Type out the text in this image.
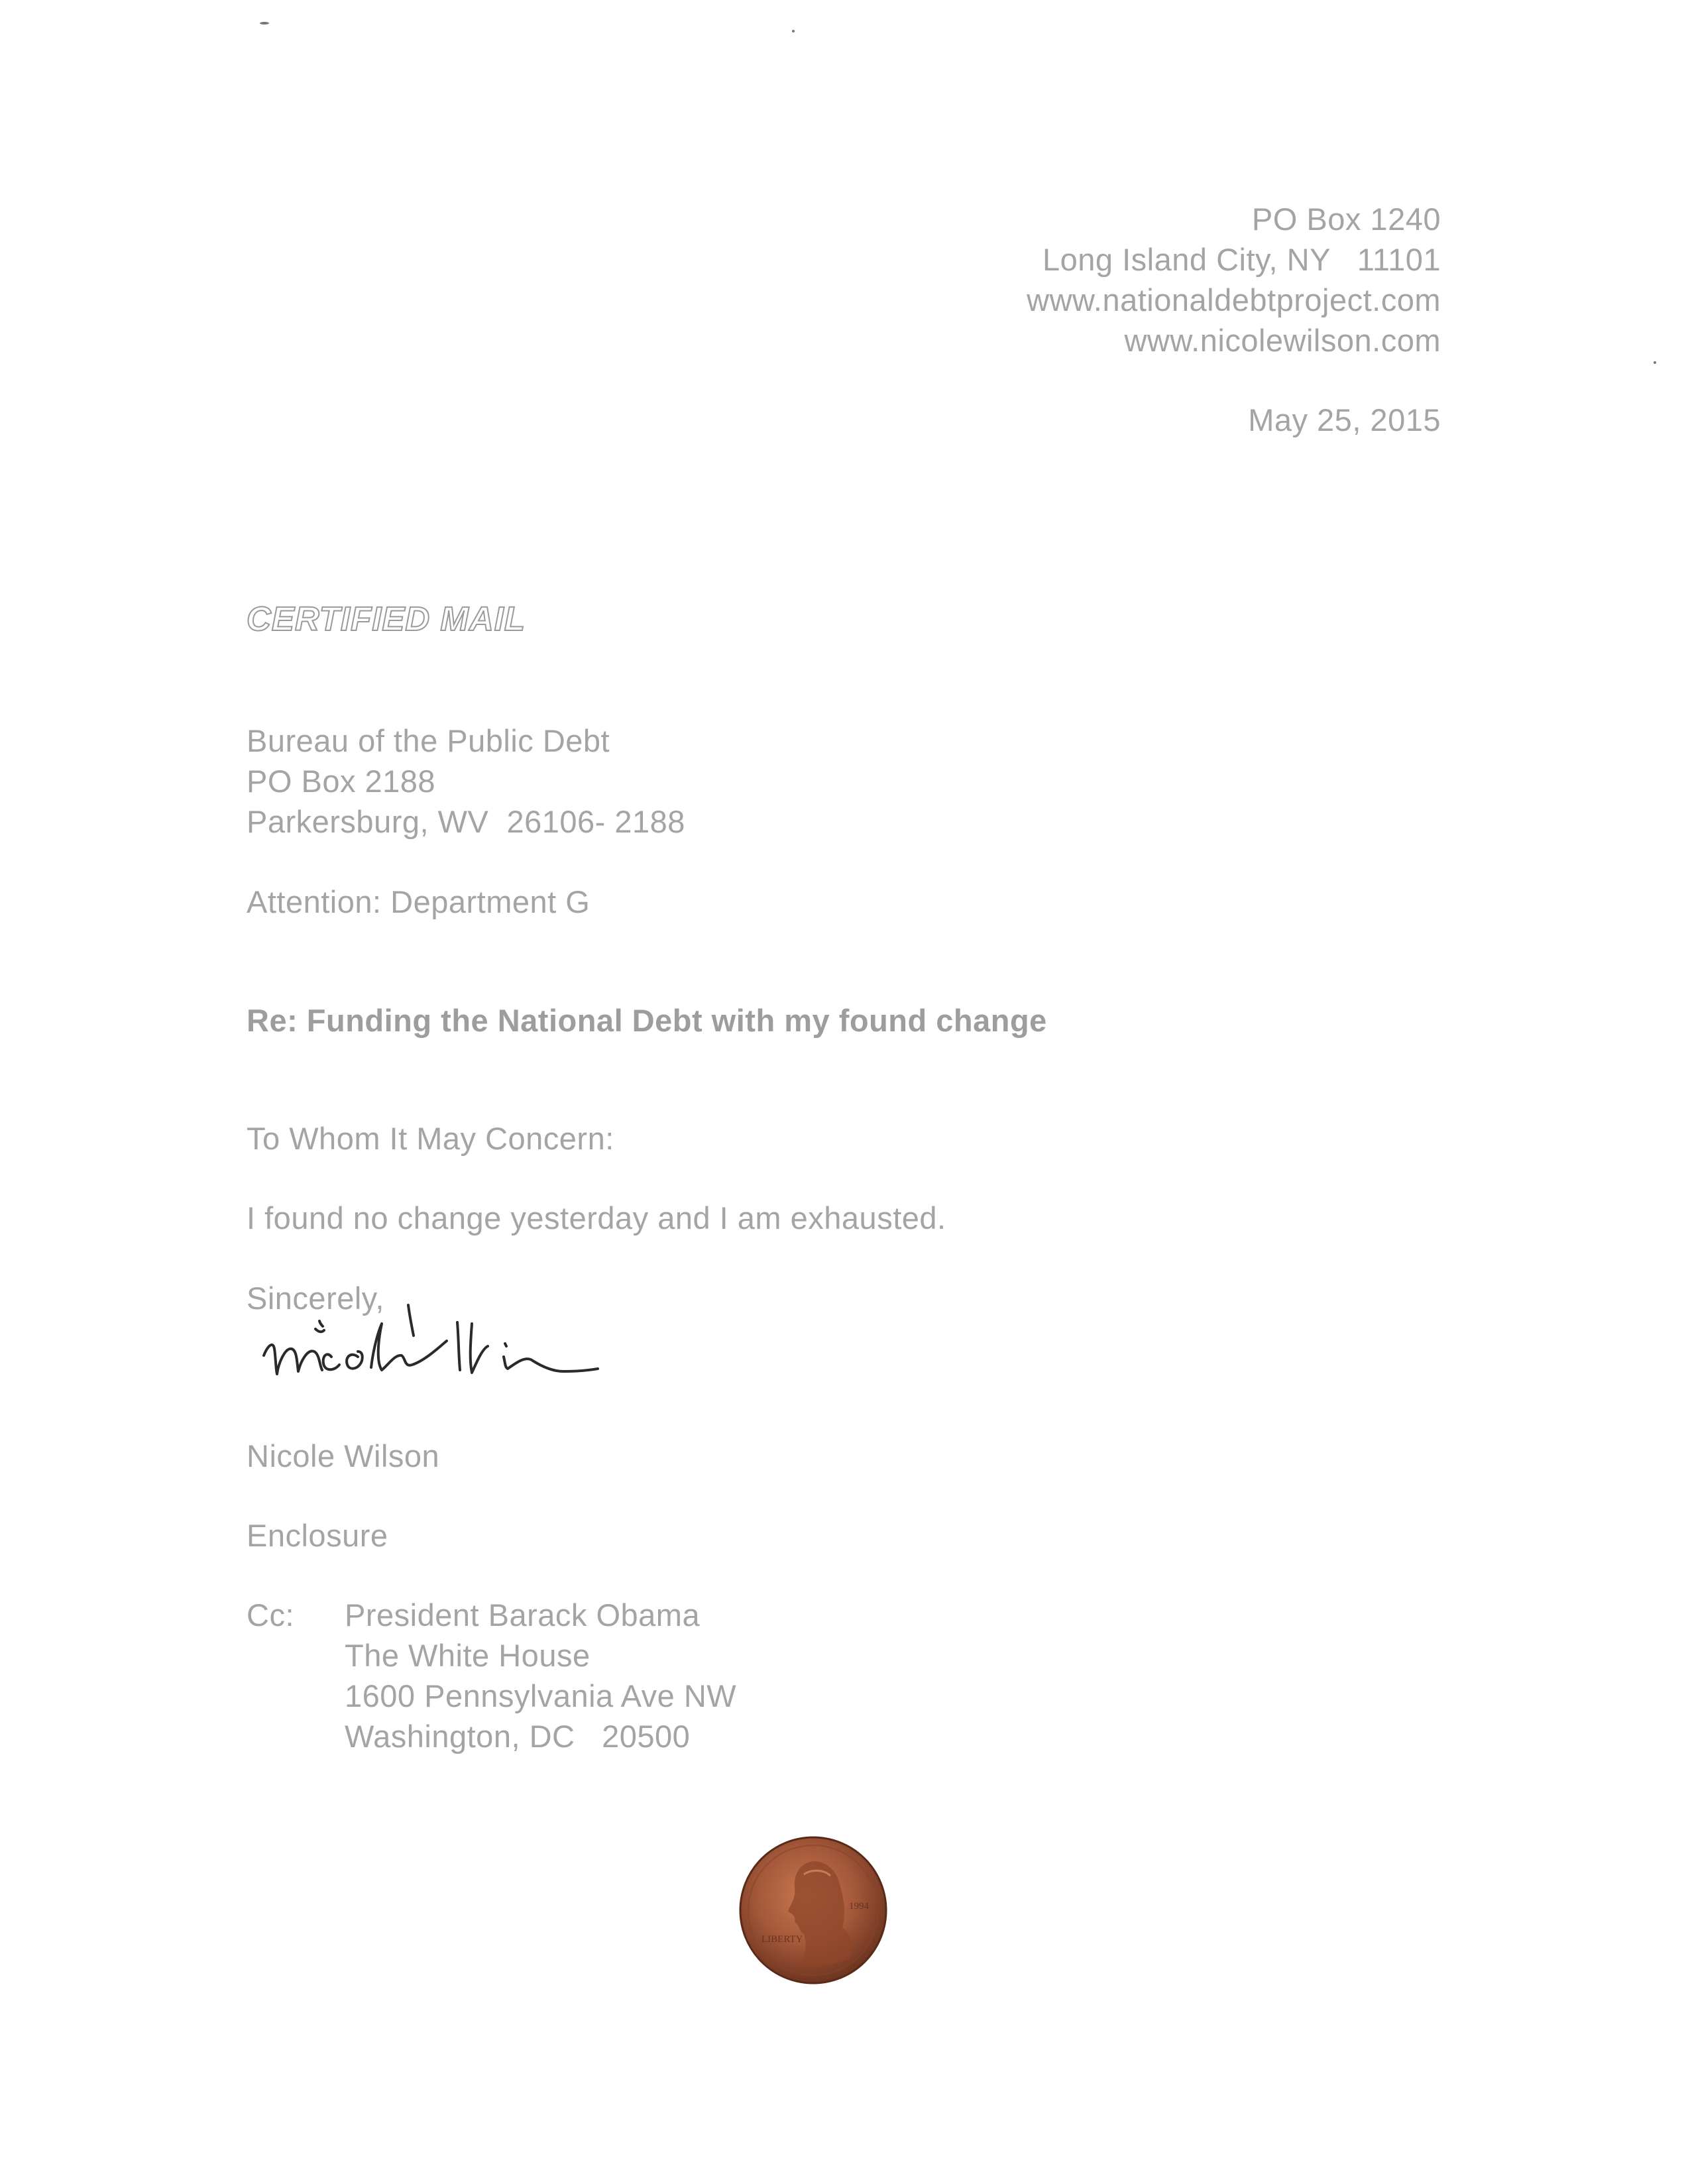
PO Box 1240
Long Island City, NY   11101
www.nationaldebtproject.com
www.nicolewilson.com
May 25, 2015
CERTIFIED MAIL
Bureau of the Public Debt
PO Box 2188
Parkersburg, WV  26106- 2188
Attention: Department G
Re: Funding the National Debt with my found change
To Whom It May Concern:
I found no change yesterday and I am exhausted.
Sincerely,
Nicole Wilson
Enclosure
Cc: President Barack Obama
The White House
1600 Pennsylvania Ave NW
Washington, DC   20500
LIBERTY
1994
